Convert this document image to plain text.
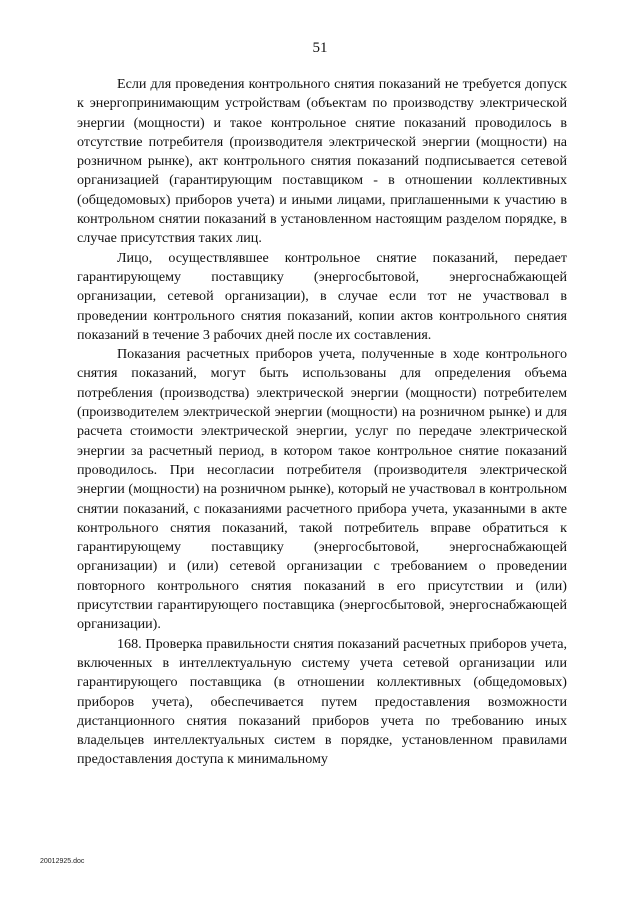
51

Если для проведения контрольного снятия показаний не требуется допуск к энергопринимающим устройствам (объектам по производству электрической энергии (мощности) и такое контрольное снятие показаний проводилось в отсутствие потребителя (производителя электрической энергии (мощности) на розничном рынке), акт контрольного снятия показаний подписывается сетевой организацией (гарантирующим поставщиком - в отношении коллективных (общедомовых) приборов учета) и иными лицами, приглашенными к участию в контрольном снятии показаний в установленном настоящим разделом порядке, в случае присутствия таких лиц.

Лицо, осуществлявшее контрольное снятие показаний, передает гарантирующему поставщику (энергосбытовой, энергоснабжающей организации, сетевой организации), в случае если тот не участвовал в проведении контрольного снятия показаний, копии актов контрольного снятия показаний в течение 3 рабочих дней после их составления.

Показания расчетных приборов учета, полученные в ходе контрольного снятия показаний, могут быть использованы для определения объема потребления (производства) электрической энергии (мощности) потребителем (производителем электрической энергии (мощности) на розничном рынке) и для расчета стоимости электрической энергии, услуг по передаче электрической энергии за расчетный период, в котором такое контрольное снятие показаний проводилось. При несогласии потребителя (производителя электрической энергии (мощности) на розничном рынке), который не участвовал в контрольном снятии показаний, с показаниями расчетного прибора учета, указанными в акте контрольного снятия показаний, такой потребитель вправе обратиться к гарантирующему поставщику (энергосбытовой, энергоснабжающей организации) и (или) сетевой организации с требованием о проведении повторного контрольного снятия показаний в его присутствии и (или) присутствии гарантирующего поставщика (энергосбытовой, энергоснабжающей организации).

168. Проверка правильности снятия показаний расчетных приборов учета, включенных в интеллектуальную систему учета сетевой организации или гарантирующего поставщика (в отношении коллективных (общедомовых) приборов учета), обеспечивается путем предоставления возможности дистанционного снятия показаний приборов учета по требованию иных владельцев интеллектуальных систем в порядке, установленном правилами предоставления доступа к минимальному

20012925.doc
